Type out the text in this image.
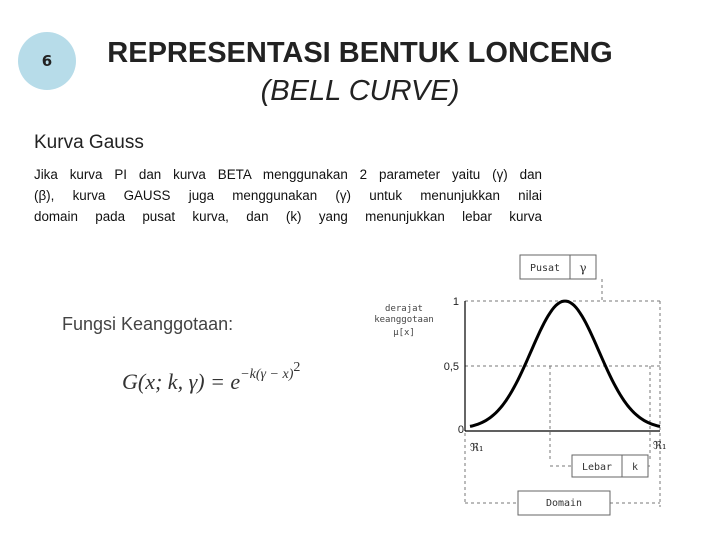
6 REPRESENTASI BENTUK LONCENG
(BELL CURVE)
Kurva Gauss
Jika kurva PI dan kurva BETA menggunakan 2 parameter yaitu (γ) dan
(β), kurva GAUSS juga menggunakan (γ) untuk menunjukkan nilai
domain pada pusat kurva, dan (k) yang menunjukkan lebar kurva
Fungsi Keanggotaan:
G(x; k, $\gamma) = e^{-k(\gamma - x)2}$
Pusat γ
derajat
keanggotaan
μ[x]
1
0,5
0
ℜ₁	ℜ₁
Lebar k
Domain
